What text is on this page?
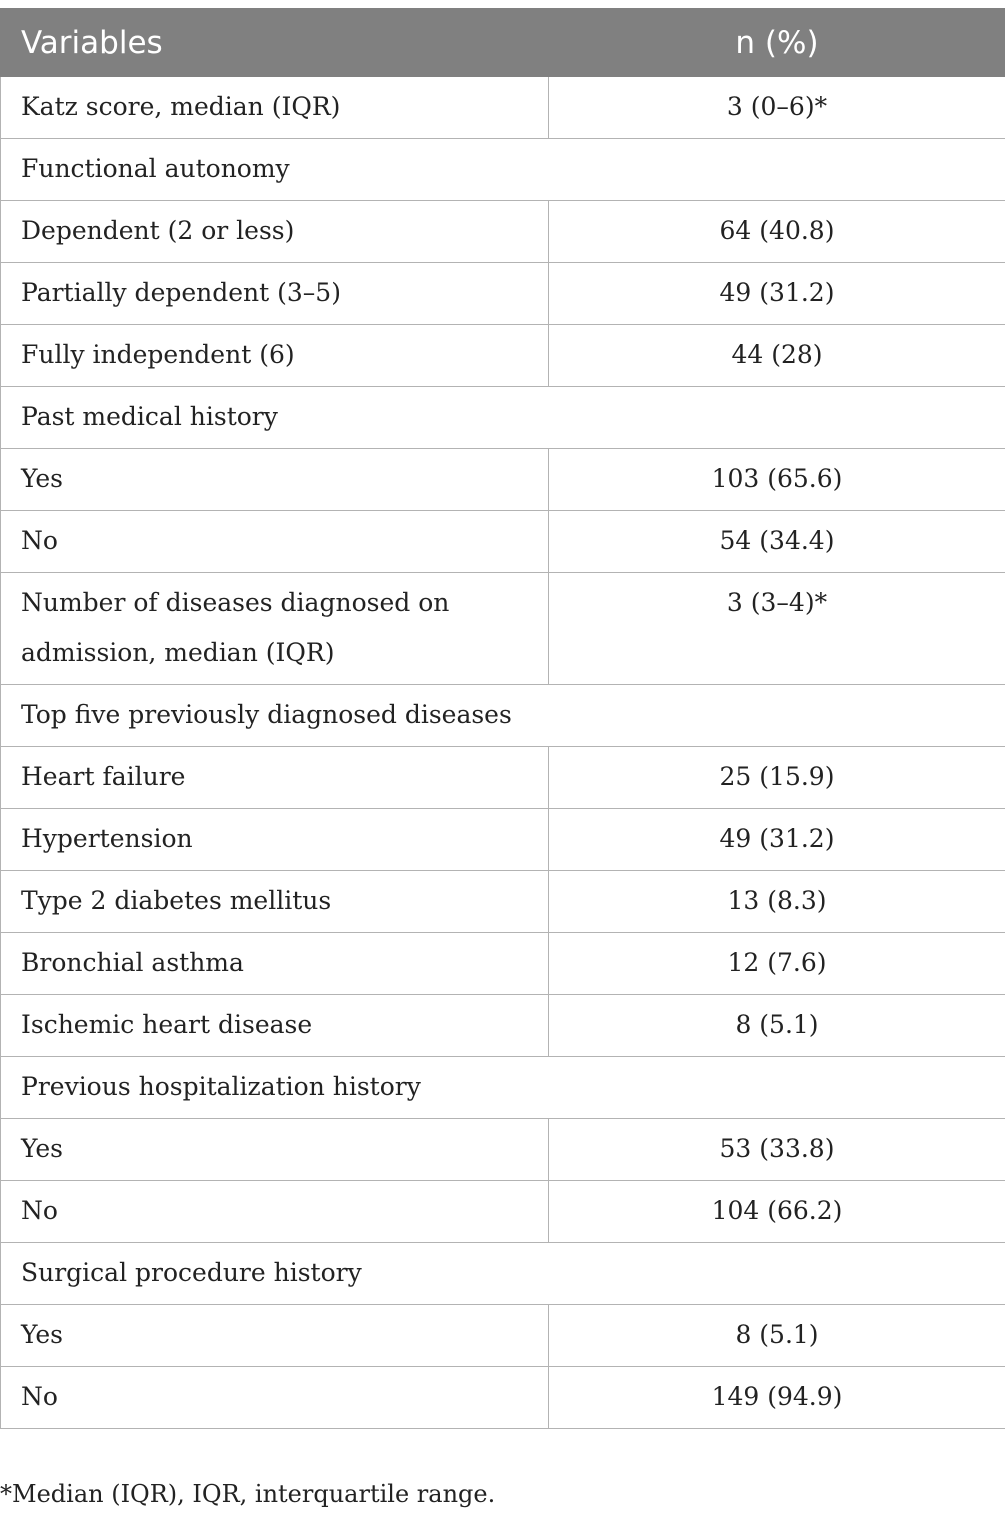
Variables	n (%)
Katz score, median (IQR)	3 (0–6)*
Functional autonomy	
Dependent (2 or less)	64 (40.8)
Partially dependent (3–5)	49 (31.2)
Fully independent (6)	44 (28)
Past medical history	
Yes	103 (65.6)
No	54 (34.4)
Number of diseases diagnosed on admission, median (IQR)	3 (3–4)*
Top five previously diagnosed diseases	
Heart failure	25 (15.9)
Hypertension	49 (31.2)
Type 2 diabetes mellitus	13 (8.3)
Bronchial asthma	12 (7.6)
Ischemic heart disease	8 (5.1)
Previous hospitalization history	
Yes	53 (33.8)
No	104 (66.2)
Surgical procedure history	
Yes	8 (5.1)
No	149 (94.9)
*Median (IQR), IQR, interquartile range.
